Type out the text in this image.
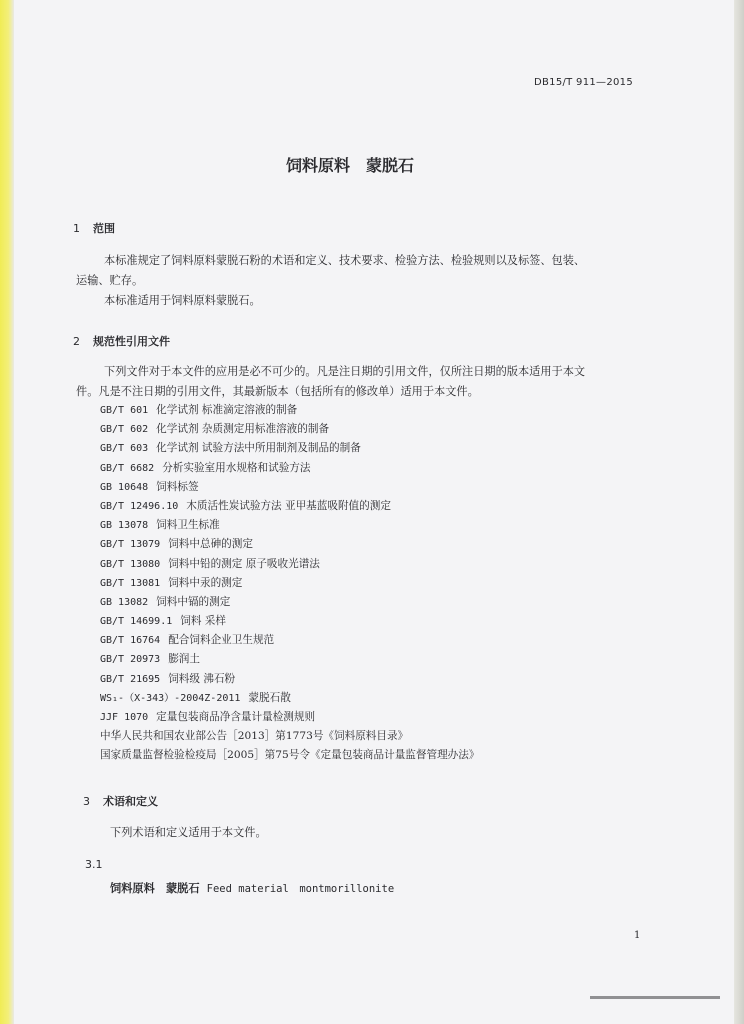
DB15/T 911—2015
饲料原料　蒙脱石
1 范围
本标准规定了饲料原料蒙脱石粉的术语和定义、技术要求、检验方法、检验规则以及标签、包装、
运输、贮存。
本标准适用于饲料原料蒙脱石。
2 规范性引用文件
下列文件对于本文件的应用是必不可少的。凡是注日期的引用文件，仅所注日期的版本适用于本文
件。凡是不注日期的引用文件，其最新版本（包括所有的修改单）适用于本文件。
GB/T 601 化学试剂 标准滴定溶液的制备
GB/T 602 化学试剂 杂质测定用标准溶液的制备
GB/T 603 化学试剂 试验方法中所用制剂及制品的制备
GB/T 6682 分析实验室用水规格和试验方法
GB 10648 饲料标签
GB/T 12496.10 木质活性炭试验方法 亚甲基蓝吸附值的测定
GB 13078 饲料卫生标准
GB/T 13079 饲料中总砷的测定
GB/T 13080 饲料中铅的测定 原子吸收光谱法
GB/T 13081 饲料中汞的测定
GB 13082 饲料中镉的测定
GB/T 14699.1 饲料 采样
GB/T 16764 配合饲料企业卫生规范
GB/T 20973 膨润土
GB/T 21695 饲料级 沸石粉
WS₁-（X-343）-2004Z-2011 蒙脱石散
JJF 1070 定量包装商品净含量计量检测规则
中华人民共和国农业部公告［2013］第1773号《饲料原料目录》
国家质量监督检验检疫局［2005］第75号令《定量包装商品计量监督管理办法》
3 术语和定义
下列术语和定义适用于本文件。
3.1
饲料原料　蒙脱石 Feed material　montmorillonite
1
